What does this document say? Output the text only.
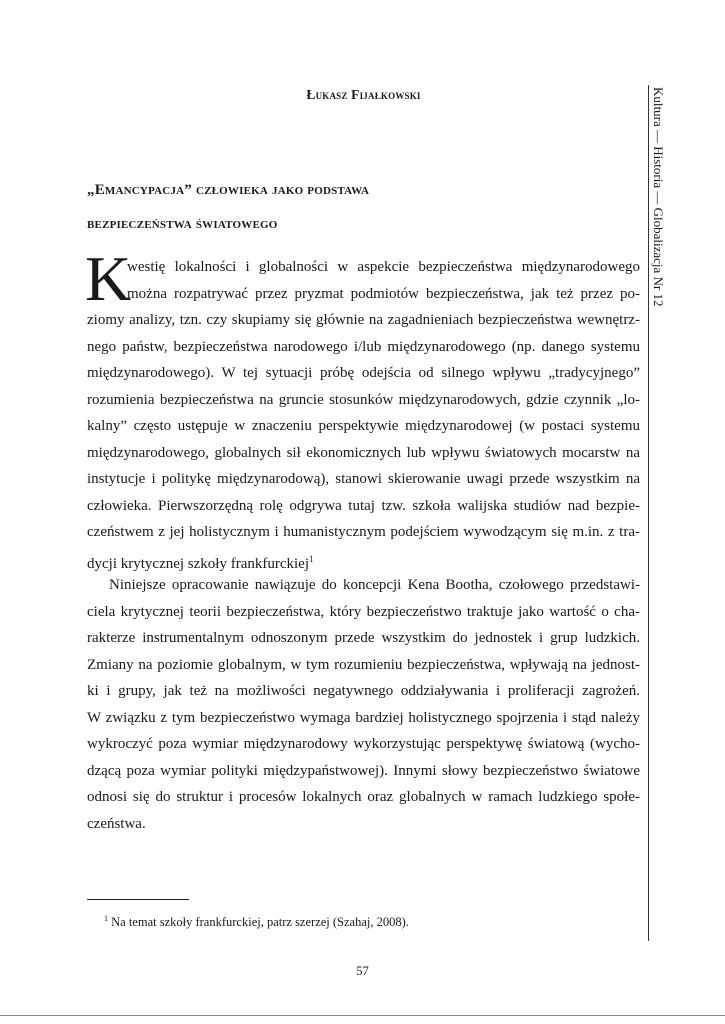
Łukasz Fijałkowski
„Emancypacja” człowieka jako podstawa
bezpieczeństwa światowego
K
westię lokalności i globalności w aspekcie bezpieczeństwa międzynarodowego
można rozpatrywać przez pryzmat podmiotów bezpieczeństwa, jak też przez po-
ziomy analizy, tzn. czy skupiamy się głównie na zagadnieniach bezpieczeństwa wewnętrz-
nego państw, bezpieczeństwa narodowego i/lub międzynarodowego (np. danego systemu
międzynarodowego). W tej sytuacji próbę odejścia od silnego wpływu „tradycyjnego”
rozumienia bezpieczeństwa na gruncie stosunków międzynarodowych, gdzie czynnik „lo-
kalny” często ustępuje w znaczeniu perspektywie międzynarodowej (w postaci systemu
międzynarodowego, globalnych sił ekonomicznych lub wpływu światowych mocarstw na
instytucje i politykę międzynarodową), stanowi skierowanie uwagi przede wszystkim na
człowieka. Pierwszorzędną rolę odgrywa tutaj tzw. szkoła walijska studiów nad bezpie-
czeństwem z jej holistycznym i humanistycznym podejściem wywodzącym się m.in. z tra-
dycji krytycznej szkoły frankfurckiej$^1$
Niniejsze opracowanie nawiązuje do koncepcji Kena Bootha, czołowego przedstawi-
ciela krytycznej teorii bezpieczeństwa, który bezpieczeństwo traktuje jako wartość o cha-
rakterze instrumentalnym odnoszonym przede wszystkim do jednostek i grup ludzkich.
Zmiany na poziomie globalnym, w tym rozumieniu bezpieczeństwa, wpływają na jednost-
ki i grupy, jak też na możliwości negatywnego oddziaływania i proliferacji zagrożeń.
W związku z tym bezpieczeństwo wymaga bardziej holistycznego spojrzenia i stąd należy
wykroczyć poza wymiar międzynarodowy wykorzystując perspektywę światową (wycho-
dzącą poza wymiar polityki międzypaństwowej). Innymi słowy bezpieczeństwo światowe
odnosi się do struktur i procesów lokalnych oraz globalnych w ramach ludzkiego społe-
czeństwa.
$^1$ Na temat szkoły frankfurckiej, patrz szerzej (Szahaj, 2008).
57
Kultura — Historia — Globalizacja Nr 12
